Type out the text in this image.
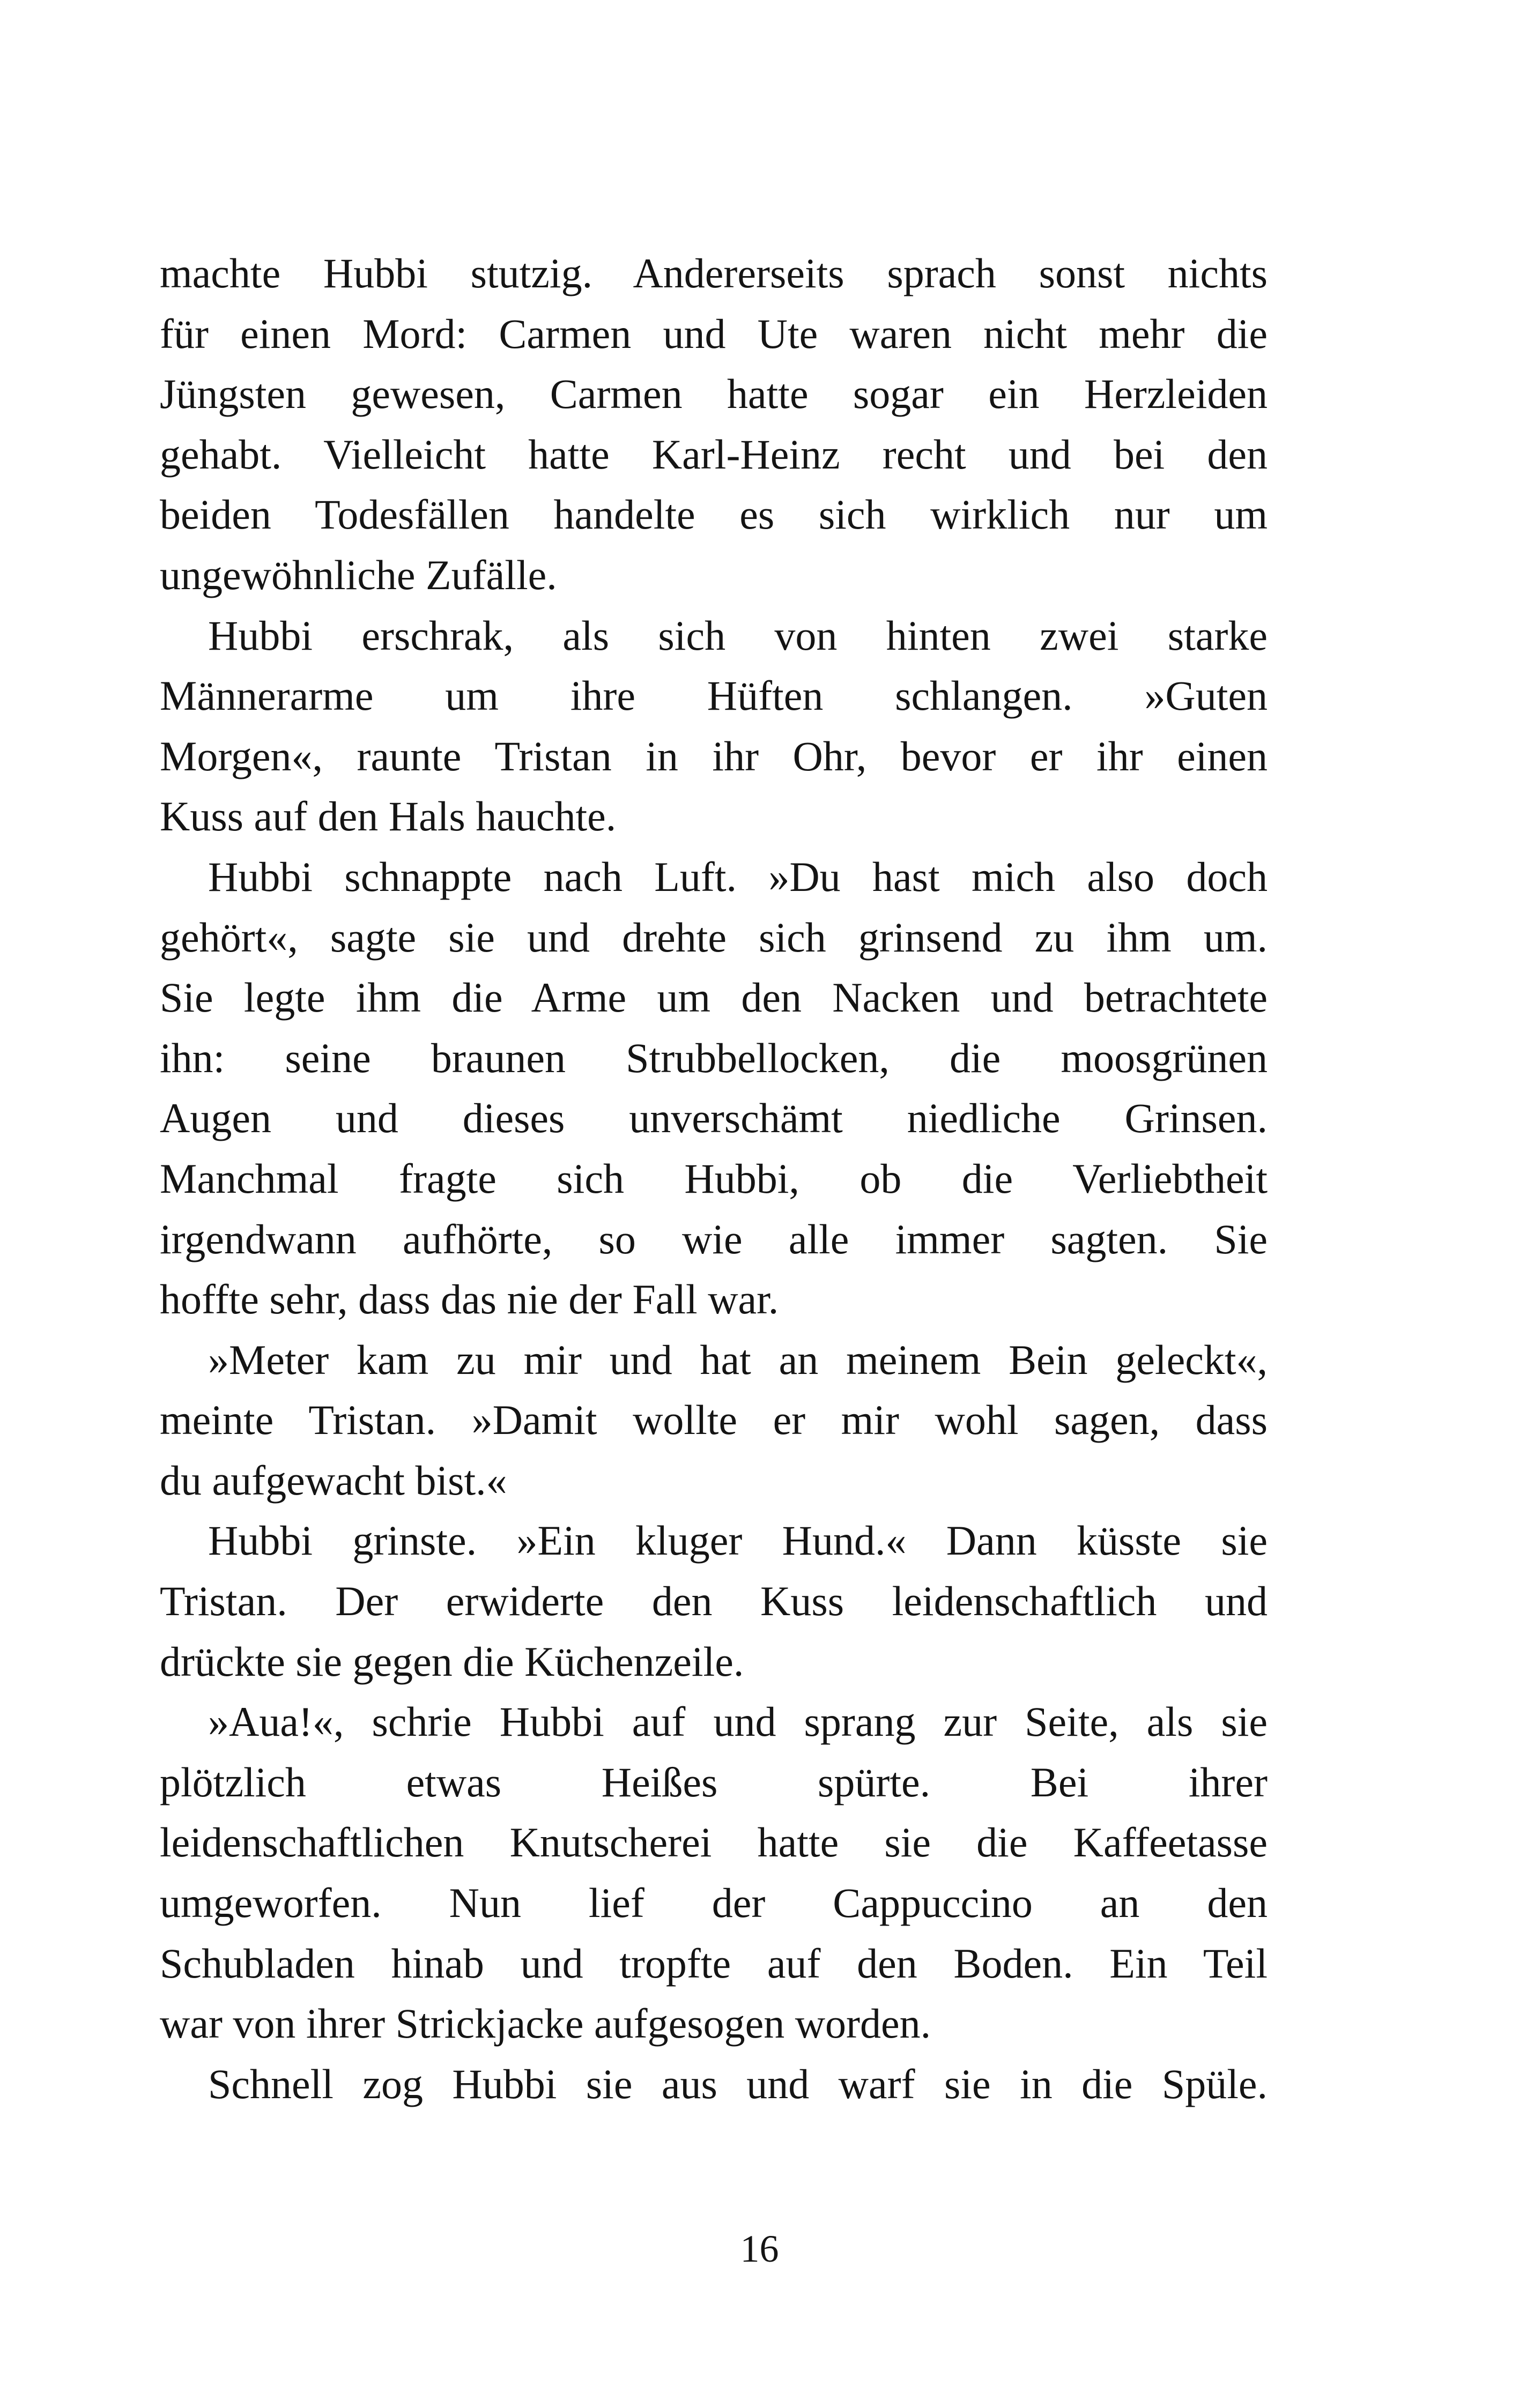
machte Hubbi stutzig. Andererseits sprach sonst nichts
für einen Mord: Carmen und Ute waren nicht mehr die
Jüngsten gewesen, Carmen hatte sogar ein Herzleiden
gehabt. Vielleicht hatte Karl-Heinz recht und bei den
beiden Todesfällen handelte es sich wirklich nur um
ungewöhnliche Zufälle.
Hubbi erschrak, als sich von hinten zwei starke
Männerarme um ihre Hüften schlangen. »Guten
Morgen«, raunte Tristan in ihr Ohr, bevor er ihr einen
Kuss auf den Hals hauchte.
Hubbi schnappte nach Luft. »Du hast mich also doch
gehört«, sagte sie und drehte sich grinsend zu ihm um.
Sie legte ihm die Arme um den Nacken und betrachtete
ihn: seine braunen Strubbellocken, die moosgrünen
Augen und dieses unverschämt niedliche Grinsen.
Manchmal fragte sich Hubbi, ob die Verliebtheit
irgendwann aufhörte, so wie alle immer sagten. Sie
hoffte sehr, dass das nie der Fall war.
»Meter kam zu mir und hat an meinem Bein geleckt«,
meinte Tristan. »Damit wollte er mir wohl sagen, dass
du aufgewacht bist.«
Hubbi grinste. »Ein kluger Hund.« Dann küsste sie
Tristan. Der erwiderte den Kuss leidenschaftlich und
drückte sie gegen die Küchenzeile.
»Aua!«, schrie Hubbi auf und sprang zur Seite, als sie
plötzlich etwas Heißes spürte. Bei ihrer
leidenschaftlichen Knutscherei hatte sie die Kaffeetasse
umgeworfen. Nun lief der Cappuccino an den
Schubladen hinab und tropfte auf den Boden. Ein Teil
war von ihrer Strickjacke aufgesogen worden.
Schnell zog Hubbi sie aus und warf sie in die Spüle.
16
